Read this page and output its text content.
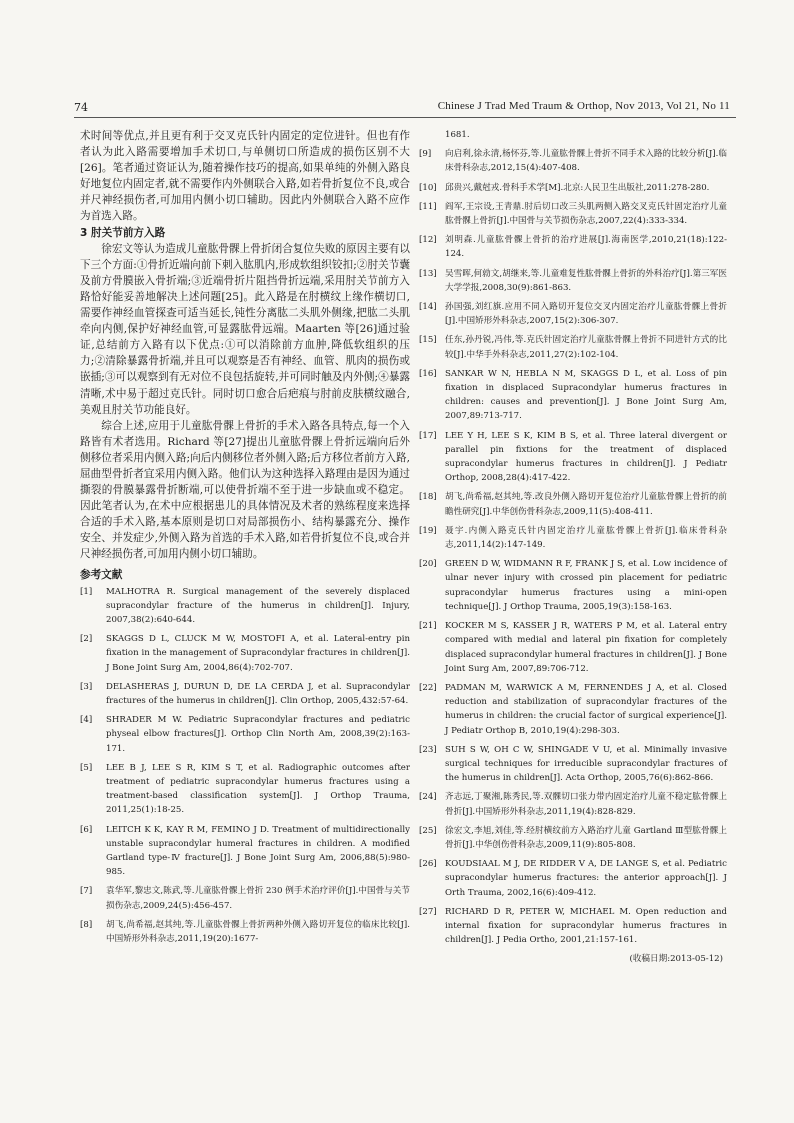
74	Chinese J Trad Med Traum & Orthop, Nov 2013, Vol 21, No 11

术时间等优点,并且更有利于交叉克氏针内固定的定位进针。但也有作者认为此入路需要增加手术切口,与单侧切口所造成的损伤区别不大[26]。笔者通过资证认为,随着操作技巧的提高,如果单纯的外侧入路良好地复位内固定者,就不需要作内外侧联合入路,如若骨折复位不良,或合并尺神经损伤者,可加用内侧小切口辅助。因此内外侧联合入路不应作为首选入路。

3 肘关节前方入路

徐宏文等认为造成儿童肱骨髁上骨折闭合复位失败的原因主要有以下三个方面:①骨折近端向前下刺入肱肌内,形成软组织铰扣;②肘关节囊及前方骨膜嵌入骨折端;③近端骨折片阻挡骨折远端,采用肘关节前方入路恰好能妥善地解决上述问题[25]。此入路是在肘横纹上缘作横切口,需要作神经血管探查可适当延长,钝性分离肱二头肌外侧缘,把肱二头肌牵向内侧,保护好神经血管,可显露肱骨远端。Maarten 等[26]通过验证,总结前方入路有以下优点:①可以消除前方血肿,降低软组织的压力;②清除暴露骨折端,并且可以观察是否有神经、血管、肌肉的损伤或嵌插;③可以观察到有无对位不良包括旋转,并可同时触及内外侧;④暴露清晰,术中易于超过克氏针。同时切口愈合后疤痕与肘前皮肤横纹融合,美观且肘关节功能良好。

综合上述,应用于儿童肱骨髁上骨折的手术入路各具特点,每一个入路皆有术者选用。Richard 等[27]提出儿童肱骨髁上骨折远端向后外侧移位者采用内侧入路;向后内侧移位者外侧入路;后方移位者前方入路,屈曲型骨折者宜采用内侧入路。他们认为这种选择入路理由是因为通过撕裂的骨膜暴露骨折断端,可以使骨折端不至于进一步缺血或不稳定。因此笔者认为,在术中应根据患儿的具体情况及术者的熟练程度来选择合适的手术入路,基本原则是切口对局部损伤小、结构暴露充分、操作安全、并发症少,外侧入路为首选的手术入路,如若骨折复位不良,或合并尺神经损伤者,可加用内侧小切口辅助。

参考文献

[1]	MALHOTRA R. Surgical management of the severely displaced supracondylar fracture of the humerus in children[J]. Injury, 2007,38(2):640-644.
[2]	SKAGGS D L, CLUCK M W, MOSTOFI A, et al. Lateral-entry pin fixation in the management of Supracondylar fractures in children[J]. J Bone Joint Surg Am, 2004,86(4):702-707.
[3]	DELASHERAS J, DURUN D, DE LA CERDA J, et al. Supracondylar fractures of the humerus in children[J]. Clin Orthop, 2005,432:57-64.
[4]	SHRADER M W. Pediatric Supracondylar fractures and pediatric physeal elbow fractures[J]. Orthop Clin North Am, 2008,39(2):163-171.
[5]	LEE B J, LEE S R, KIM S T, et al. Radiographic outcomes after treatment of pediatric supracondylar humerus fractures using a treatment-based classification system[J]. J Orthop Trauma, 2011,25(1):18-25.
[6]	LEITCH K K, KAY R M, FEMINO J D. Treatment of multidirectionally unstable supracondylar humeral fractures in children. A modified Gartland type-Ⅳ fracture[J]. J Bone Joint Surg Am, 2006,88(5):980-985.
[7]	袁华军,黎忠文,陈武,等.儿童肱骨髁上骨折 230 例手术治疗评价[J].中国骨与关节损伤杂志,2009,24(5):456-457.
[8]	胡飞,尚希福,赵其纯,等.儿童肱骨髁上骨折两种外侧入路切开复位的临床比较[J].中国矫形外科杂志,2011,19(20):1677-
1681.
[9]	向启利,徐永清,杨怀芬,等.儿童肱骨髁上骨折不同手术入路的比较分析[J].临床骨科杂志,2012,15(4):407-408.
[10] 邱贵兴,戴尅戎.骨科手术学[M].北京:人民卫生出版社,2011:278-280.
[11] 阎军,王宗设,王青鼎.肘后切口改三头肌两侧入路交叉克氏针固定治疗儿童肱骨髁上骨折[J].中国骨与关节损伤杂志,2007,22(4):333-334.
[12] 刘明森.儿童肱骨髁上骨折的治疗进展[J].海南医学,2010,21(18):122-124.
[13] 吴雪晖,何勍文,胡继来,等.儿童难复性肱骨髁上骨折的外科治疗[J].第三军医大学学报,2008,30(9):861-863.
[14] 孙国强,刘红旗.应用不同入路切开复位交叉内固定治疗儿童肱骨髁上骨折[J].中国矫形外科杂志,2007,15(2):306-307.
[15] 任东,孙丹锐,冯伟,等.克氏针固定治疗儿童肱骨髁上骨折不同进针方式的比较[J].中华手外科杂志,2011,27(2):102-104.
[16] SANKAR W N, HEBLA N M, SKAGGS D L, et al. Loss of pin fixation in displaced Supracondylar humerus fractures in children: causes and prevention[J]. J Bone Joint Surg Am, 2007,89:713-717.
[17] LEE Y H, LEE S K, KIM B S, et al. Three lateral divergent or parallel pin fixtions for the treatment of displaced supracondylar humerus fractures in children[J]. J Pediatr Orthop, 2008,28(4):417-422.
[18] 胡飞,尚希福,赵其纯,等.改良外侧入路切开复位治疗儿童肱骨髁上骨折的前瞻性研究[J].中华创伤骨科杂志,2009,11(5):408-411.
[19] 聂宇.内侧入路克氏针内固定治疗儿童肱骨髁上骨折[J].临床骨科杂志,2011,14(2):147-149.
[20] GREEN D W, WIDMANN R F, FRANK J S, et al. Low incidence of ulnar never injury with crossed pin placement for pediatric supracondylar humerus fractures using a mini-open technique[J]. J Orthop Trauma, 2005,19(3):158-163.
[21] KOCKER M S, KASSER J R, WATERS P M, et al. Lateral entry compared with medial and lateral pin fixation for completely displaced supracondylar humeral fractures in children[J]. J Bone Joint Surg Am, 2007,89:706-712.
[22] PADMAN M, WARWICK A M, FERNENDES J A, et al. Closed reduction and stabilization of supracondylar fractures of the humerus in children: the crucial factor of surgical experience[J]. J Pediatr Orthop B, 2010,19(4):298-303.
[23] SUH S W, OH C W, SHINGADE V U, et al. Minimally invasive surgical techniques for irreducible supracondylar fractures of the humerus in children[J]. Acta Orthop, 2005,76(6):862-866.
[24] 齐志远,丁聚湘,陈秀民,等.双髁切口张力带内固定治疗儿童不稳定肱骨髁上骨折[J].中国矫形外科杂志,2011,19(4):828-829.
[25] 徐宏文,李旭,刘佳,等.经肘横纹前方入路治疗儿童 Gartland Ⅲ型肱骨髁上骨折[J].中华创伤骨科杂志,2009,11(9):805-808.
[26] KOUDSIAAL M J, DE RIDDER V A, DE LANGE S, et al. Pediatric supracondylar humerus fractures: the anterior approach[J]. J Orth Trauma, 2002,16(6):409-412.
[27] RICHARD D R, PETER W, MICHAEL M. Open reduction and internal fixation for supracondylar humerus fractures in children[J]. J Pedia Ortho, 2001,21:157-161.
(收稿日期:2013-05-12)
